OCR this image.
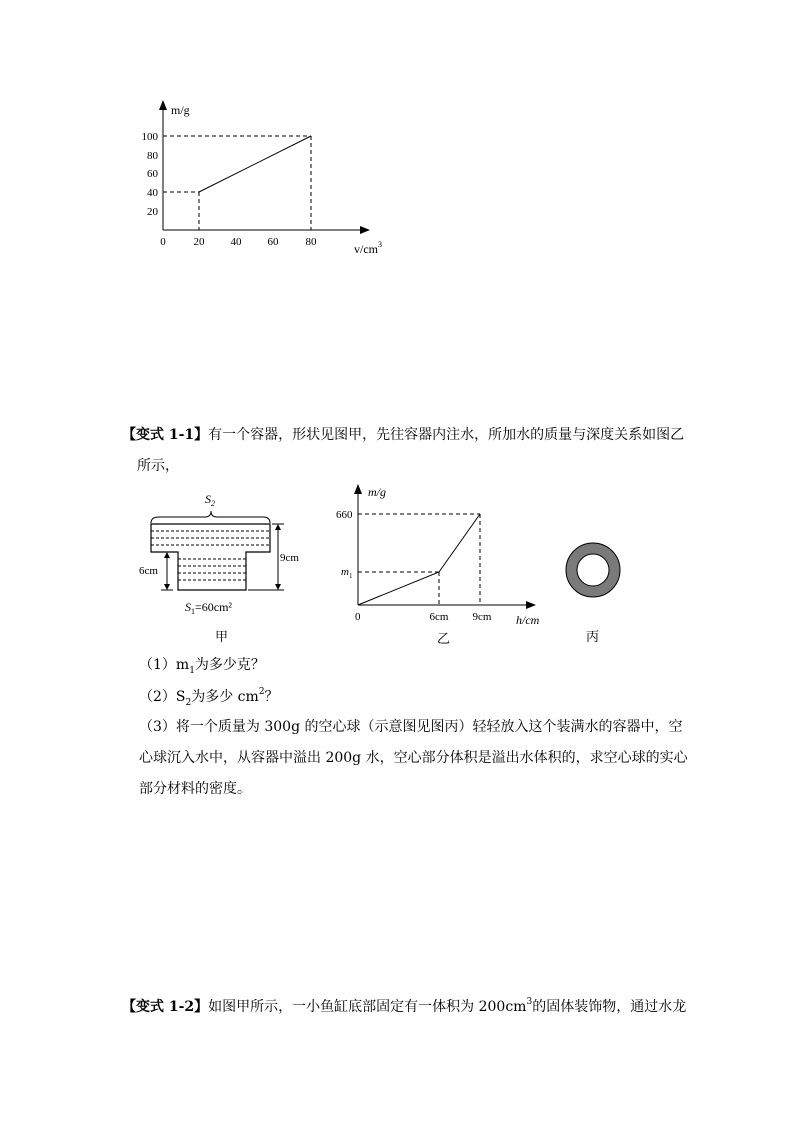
m/g
100
80
60
40
20
0	20 40 60 80	$v/cm^3$
【变式 1-1】有一个容器，形状见图甲，先往容器内注水，所加水的质量与深度关系如图乙
所示，
$S_2$
6cm
9cm
$S_1=60cm^2$
甲
m/g
660
$m_1$
0	6cm 9cm h/cm
乙	丙
$(1)m_1$为多少克？
$(2)S_2$为多少 $cm^2$？
（3）将一个质量为 300g 的空心球（示意图见图丙）轻轻放入这个装满水的容器中，空
心球沉入水中，从容器中溢出 200g 水，空心部分体积是溢出水体积的，求空心球的实心
部分材料的密度。
【变式 1-2】如图甲所示，一小鱼缸底部固定有一体积为 $200cm^3$的固体装饰物，通过水龙
